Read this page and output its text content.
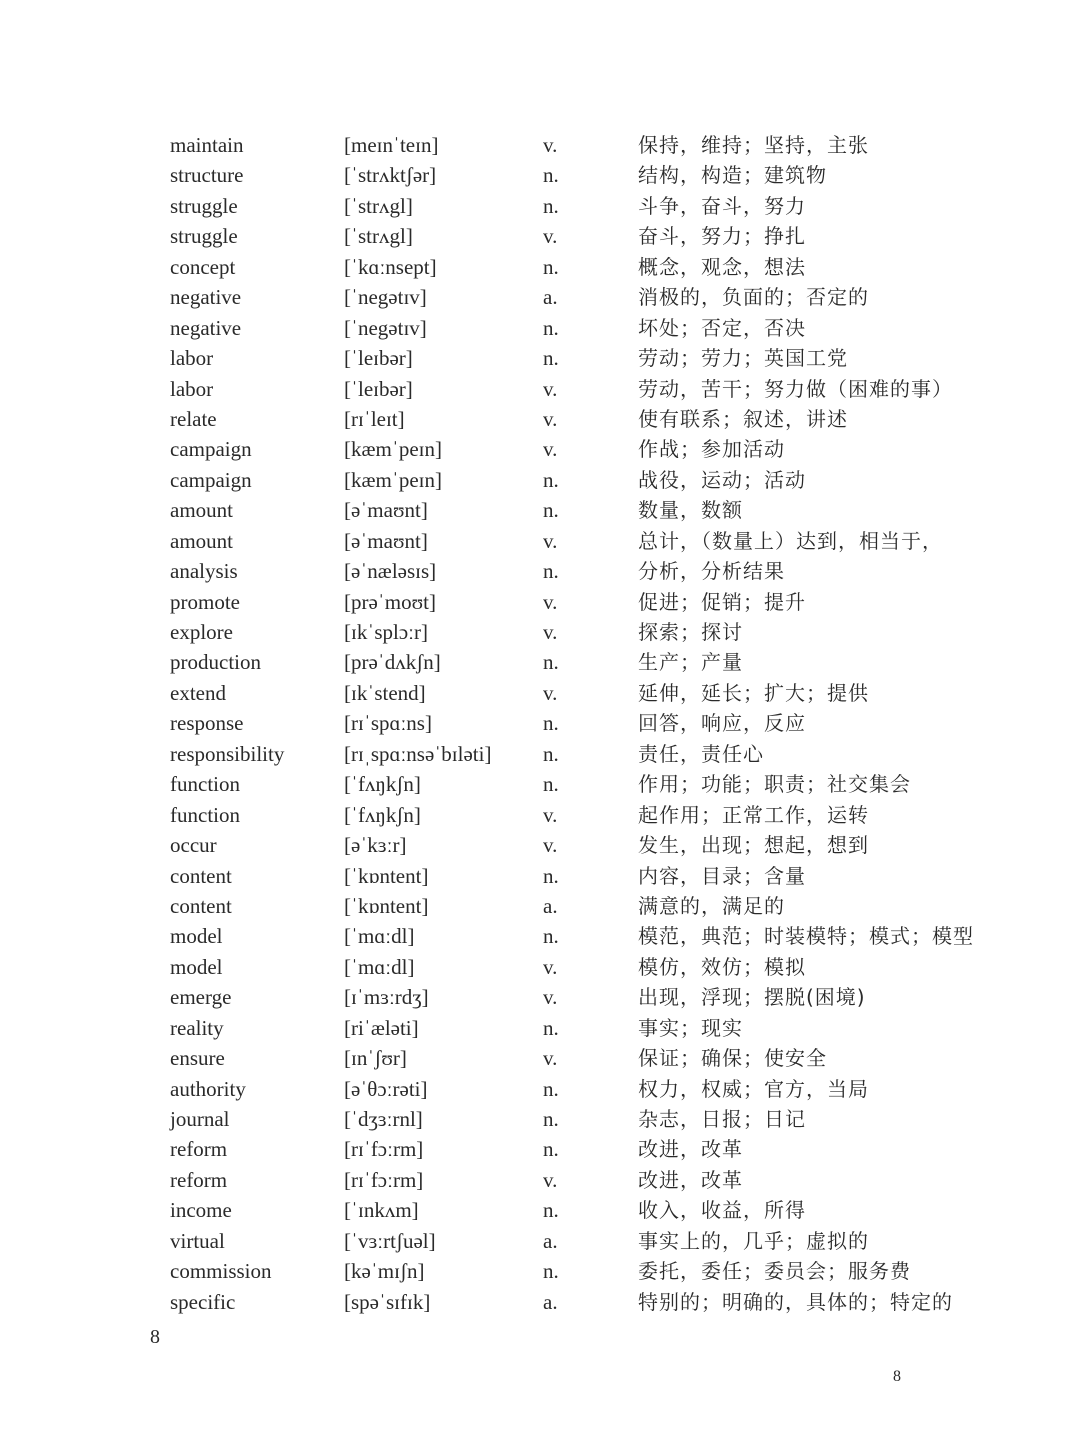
maintain	[meɪnˈteɪn]	v.	保持，维持；坚持，主张
structure	[ˈstrʌktʃər]	n.	结构，构造；建筑物
struggle	[ˈstrʌgl]	n.	斗争，奋斗，努力
struggle	[ˈstrʌgl]	v.	奋斗，努力；挣扎
concept	[ˈkɑːnsept]	n.	概念，观念，想法
negative	[ˈnegətɪv]	a.	消极的，负面的；否定的
negative	[ˈnegətɪv]	n.	坏处；否定，否决
labor	[ˈleɪbər]	n.	劳动；劳力；英国工党
labor	[ˈleɪbər]	v.	劳动，苦干；努力做（困难的事）
relate	[rɪˈleɪt]	v.	使有联系；叙述，讲述
campaign	[kæmˈpeɪn]	v.	作战；参加活动
campaign	[kæmˈpeɪn]	n.	战役，运动；活动
amount	[əˈmaʊnt]	n.	数量，数额
amount	[əˈmaʊnt]	v.	总计，（数量上）达到，相当于，
analysis	[əˈnæləsɪs]	n.	分析，分析结果
promote	[prəˈmoʊt]	v.	促进；促销；提升
explore	[ɪkˈsplɔːr]	v.	探索；探讨
production	[prəˈdʌkʃn]	n.	生产；产量
extend	[ɪkˈstend]	v.	延伸，延长；扩大；提供
response	[rɪˈspɑːns]	n.	回答，响应，反应
responsibility	[rɪˌspɑːnsəˈbɪləti] n.	责任，责任心
function	[ˈfʌŋkʃn]	n.	作用；功能；职责；社交集会
function	[ˈfʌŋkʃn]	v.	起作用；正常工作，运转
occur	[əˈkɜːr]	v.	发生，出现；想起，想到
content	[ˈkɒntent]	n.	内容，目录；含量
content	[ˈkɒntent]	a.	满意的，满足的
model	[ˈmɑːdl]	n.	模范，典范；时装模特；模式；模型
model	[ˈmɑːdl]	v.	模仿，效仿；模拟
emerge	[ɪˈmɜːrdʒ]	v.	出现，浮现；摆脱(困境)
reality	[riˈæləti]	n.	事实；现实
ensure	[ɪnˈʃʊr]	v.	保证；确保；使安全
authority	[əˈθɔːrəti]	n.	权力，权威；官方，当局
journal	[ˈdʒɜːrnl]	n.	杂志，日报；日记
reform	[rɪˈfɔːrm]	n.	改进，改革
reform	[rɪˈfɔːrm]	v.	改进，改革
income	[ˈɪnkʌm]	n.	收入，收益，所得
virtual	[ˈvɜːrtʃuəl]	a.	事实上的，几乎；虚拟的
commission	[kəˈmɪʃn]	n.	委托，委任；委员会；服务费
specific	[spəˈsɪfɪk]	a.	特别的；明确的，具体的；特定的
8
8
